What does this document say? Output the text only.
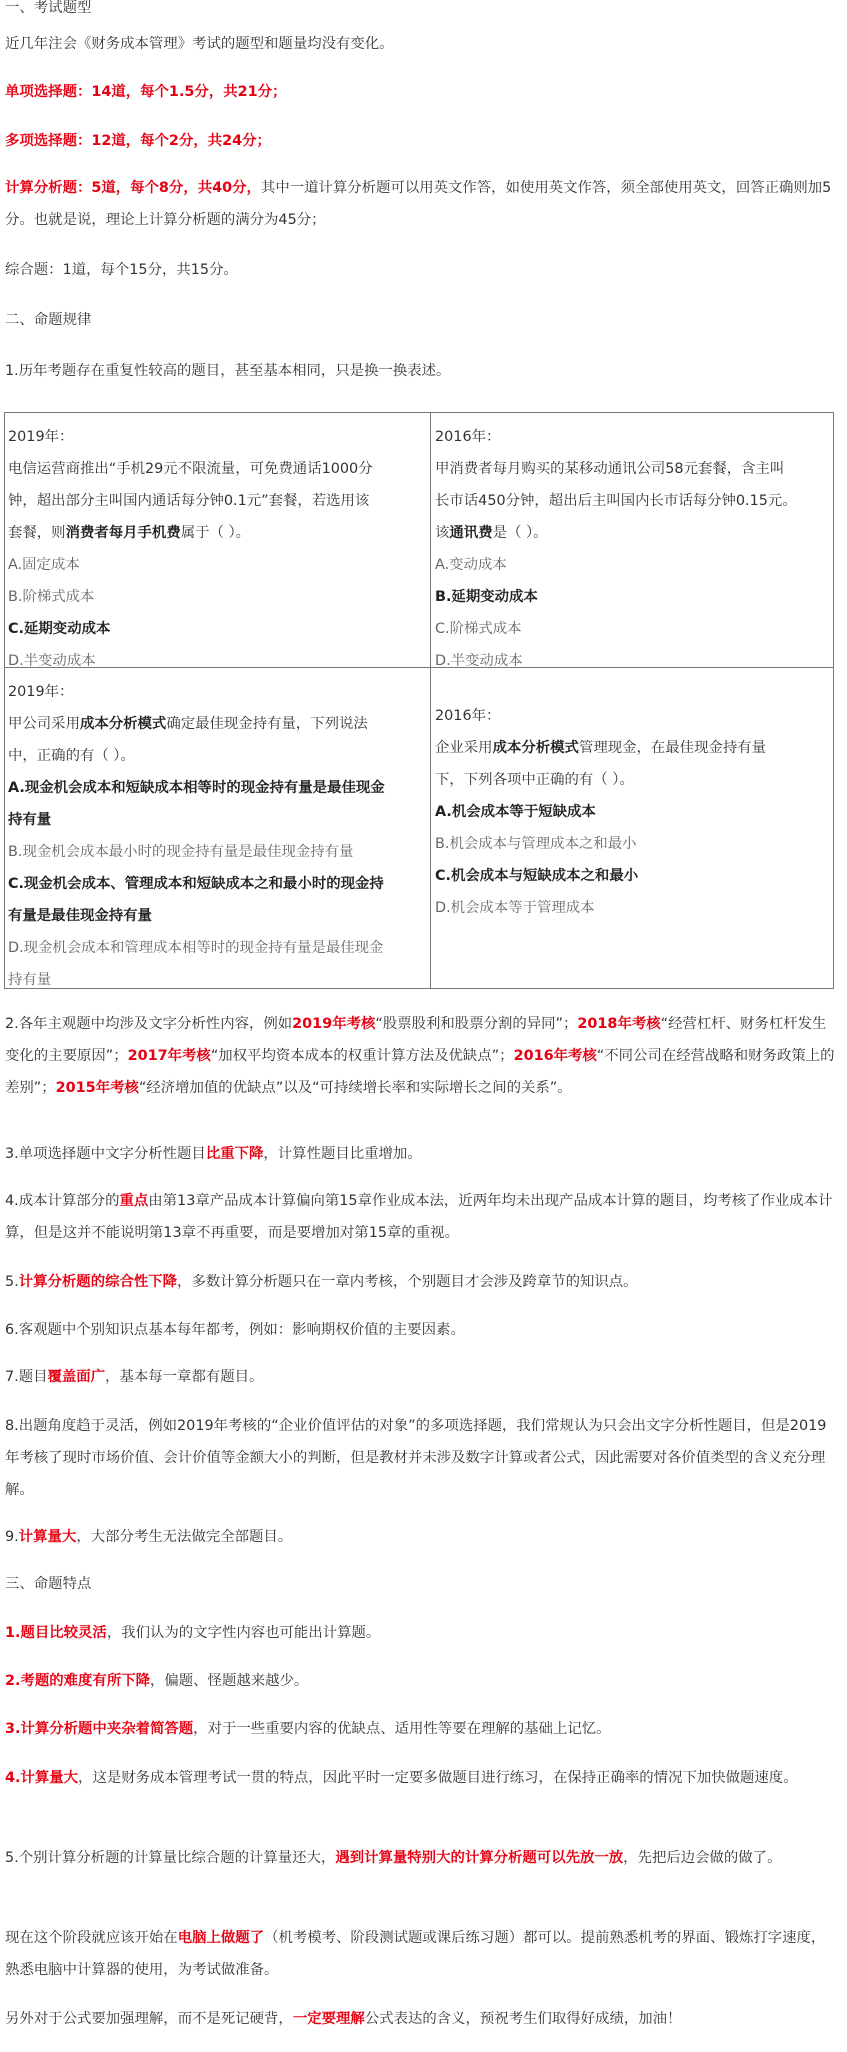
一、考试题型

近几年注会《财务成本管理》考试的题型和题量均没有变化。

单项选择题：14道，每个1.5分，共21分；

多项选择题：12道，每个2分，共24分；

计算分析题：5道，每个8分，共40分，其中一道计算分析题可以用英文作答，如使用英文作答，须全部使用英文，回答正确则加5分。也就是说，理论上计算分析题的满分为45分；

综合题：1道，每个15分，共15分。

二、命题规律

1.历年考题存在重复性较高的题目，甚至基本相同，只是换一换表述。

2019年：

电信运营商推出“手机29元不限流量，可免费通话1000分

钟，超出部分主叫国内通话每分钟0.1元”套餐，若选用该

套餐，则消费者每月手机费属于（ ）。

A.固定成本

B.阶梯式成本

C.延期变动成本

D.半变动成本

2016年：

甲消费者每月购买的某移动通讯公司58元套餐，含主叫

长市话450分钟，超出后主叫国内长市话每分钟0.15元。

该通讯费是（ ）。

A.变动成本

B.延期变动成本

C.阶梯式成本

D.半变动成本

2019年：

甲公司采用成本分析模式确定最佳现金持有量，下列说法

中，正确的有（ ）。

A.现金机会成本和短缺成本相等时的现金持有量是最佳现金

持有量

B.现金机会成本最小时的现金持有量是最佳现金持有量

C.现金机会成本、管理成本和短缺成本之和最小时的现金持

有量是最佳现金持有量

D.现金机会成本和管理成本相等时的现金持有量是最佳现金

持有量

2016年：

企业采用成本分析模式管理现金，在最佳现金持有量

下，下列各项中正确的有（ ）。

A.机会成本等于短缺成本

B.机会成本与管理成本之和最小

C.机会成本与短缺成本之和最小

D.机会成本等于管理成本

2.各年主观题中均涉及文字分析性内容，例如2019年考核“股票股利和股票分割的异同”；2018年考核“经营杠杆、财务杠杆发生变化的主要原因”；2017年考核“加权平均资本成本的权重计算方法及优缺点”；2016年考核“不同公司在经营战略和财务政策上的差别”；2015年考核“经济增加值的优缺点”以及“可持续增长率和实际增长之间的关系”。

3.单项选择题中文字分析性题目比重下降，计算性题目比重增加。

4.成本计算部分的重点由第13章产品成本计算偏向第15章作业成本法，近两年均未出现产品成本计算的题目，均考核了作业成本计算，但是这并不能说明第13章不再重要，而是要增加对第15章的重视。

5.计算分析题的综合性下降，多数计算分析题只在一章内考核，个别题目才会涉及跨章节的知识点。

6.客观题中个别知识点基本每年都考，例如：影响期权价值的主要因素。

7.题目覆盖面广，基本每一章都有题目。

8.出题角度趋于灵活，例如2019年考核的“企业价值评估的对象”的多项选择题，我们常规认为只会出文字分析性题目，但是2019年考核了现时市场价值、会计价值等金额大小的判断，但是教材并未涉及数字计算或者公式，因此需要对各价值类型的含义充分理解。

9.计算量大，大部分考生无法做完全部题目。

三、命题特点

1.题目比较灵活，我们认为的文字性内容也可能出计算题。

2.考题的难度有所下降，偏题、怪题越来越少。

3.计算分析题中夹杂着简答题，对于一些重要内容的优缺点、适用性等要在理解的基础上记忆。

4.计算量大，这是财务成本管理考试一贯的特点，因此平时一定要多做题目进行练习，在保持正确率的情况下加快做题速度。

5.个别计算分析题的计算量比综合题的计算量还大，遇到计算量特别大的计算分析题可以先放一放，先把后边会做的做了。

现在这个阶段就应该开始在电脑上做题了（机考模考、阶段测试题或课后练习题）都可以。提前熟悉机考的界面、锻炼打字速度，熟悉电脑中计算器的使用，为考试做准备。

另外对于公式要加强理解，而不是死记硬背，一定要理解公式表达的含义，预祝考生们取得好成绩，加油！
